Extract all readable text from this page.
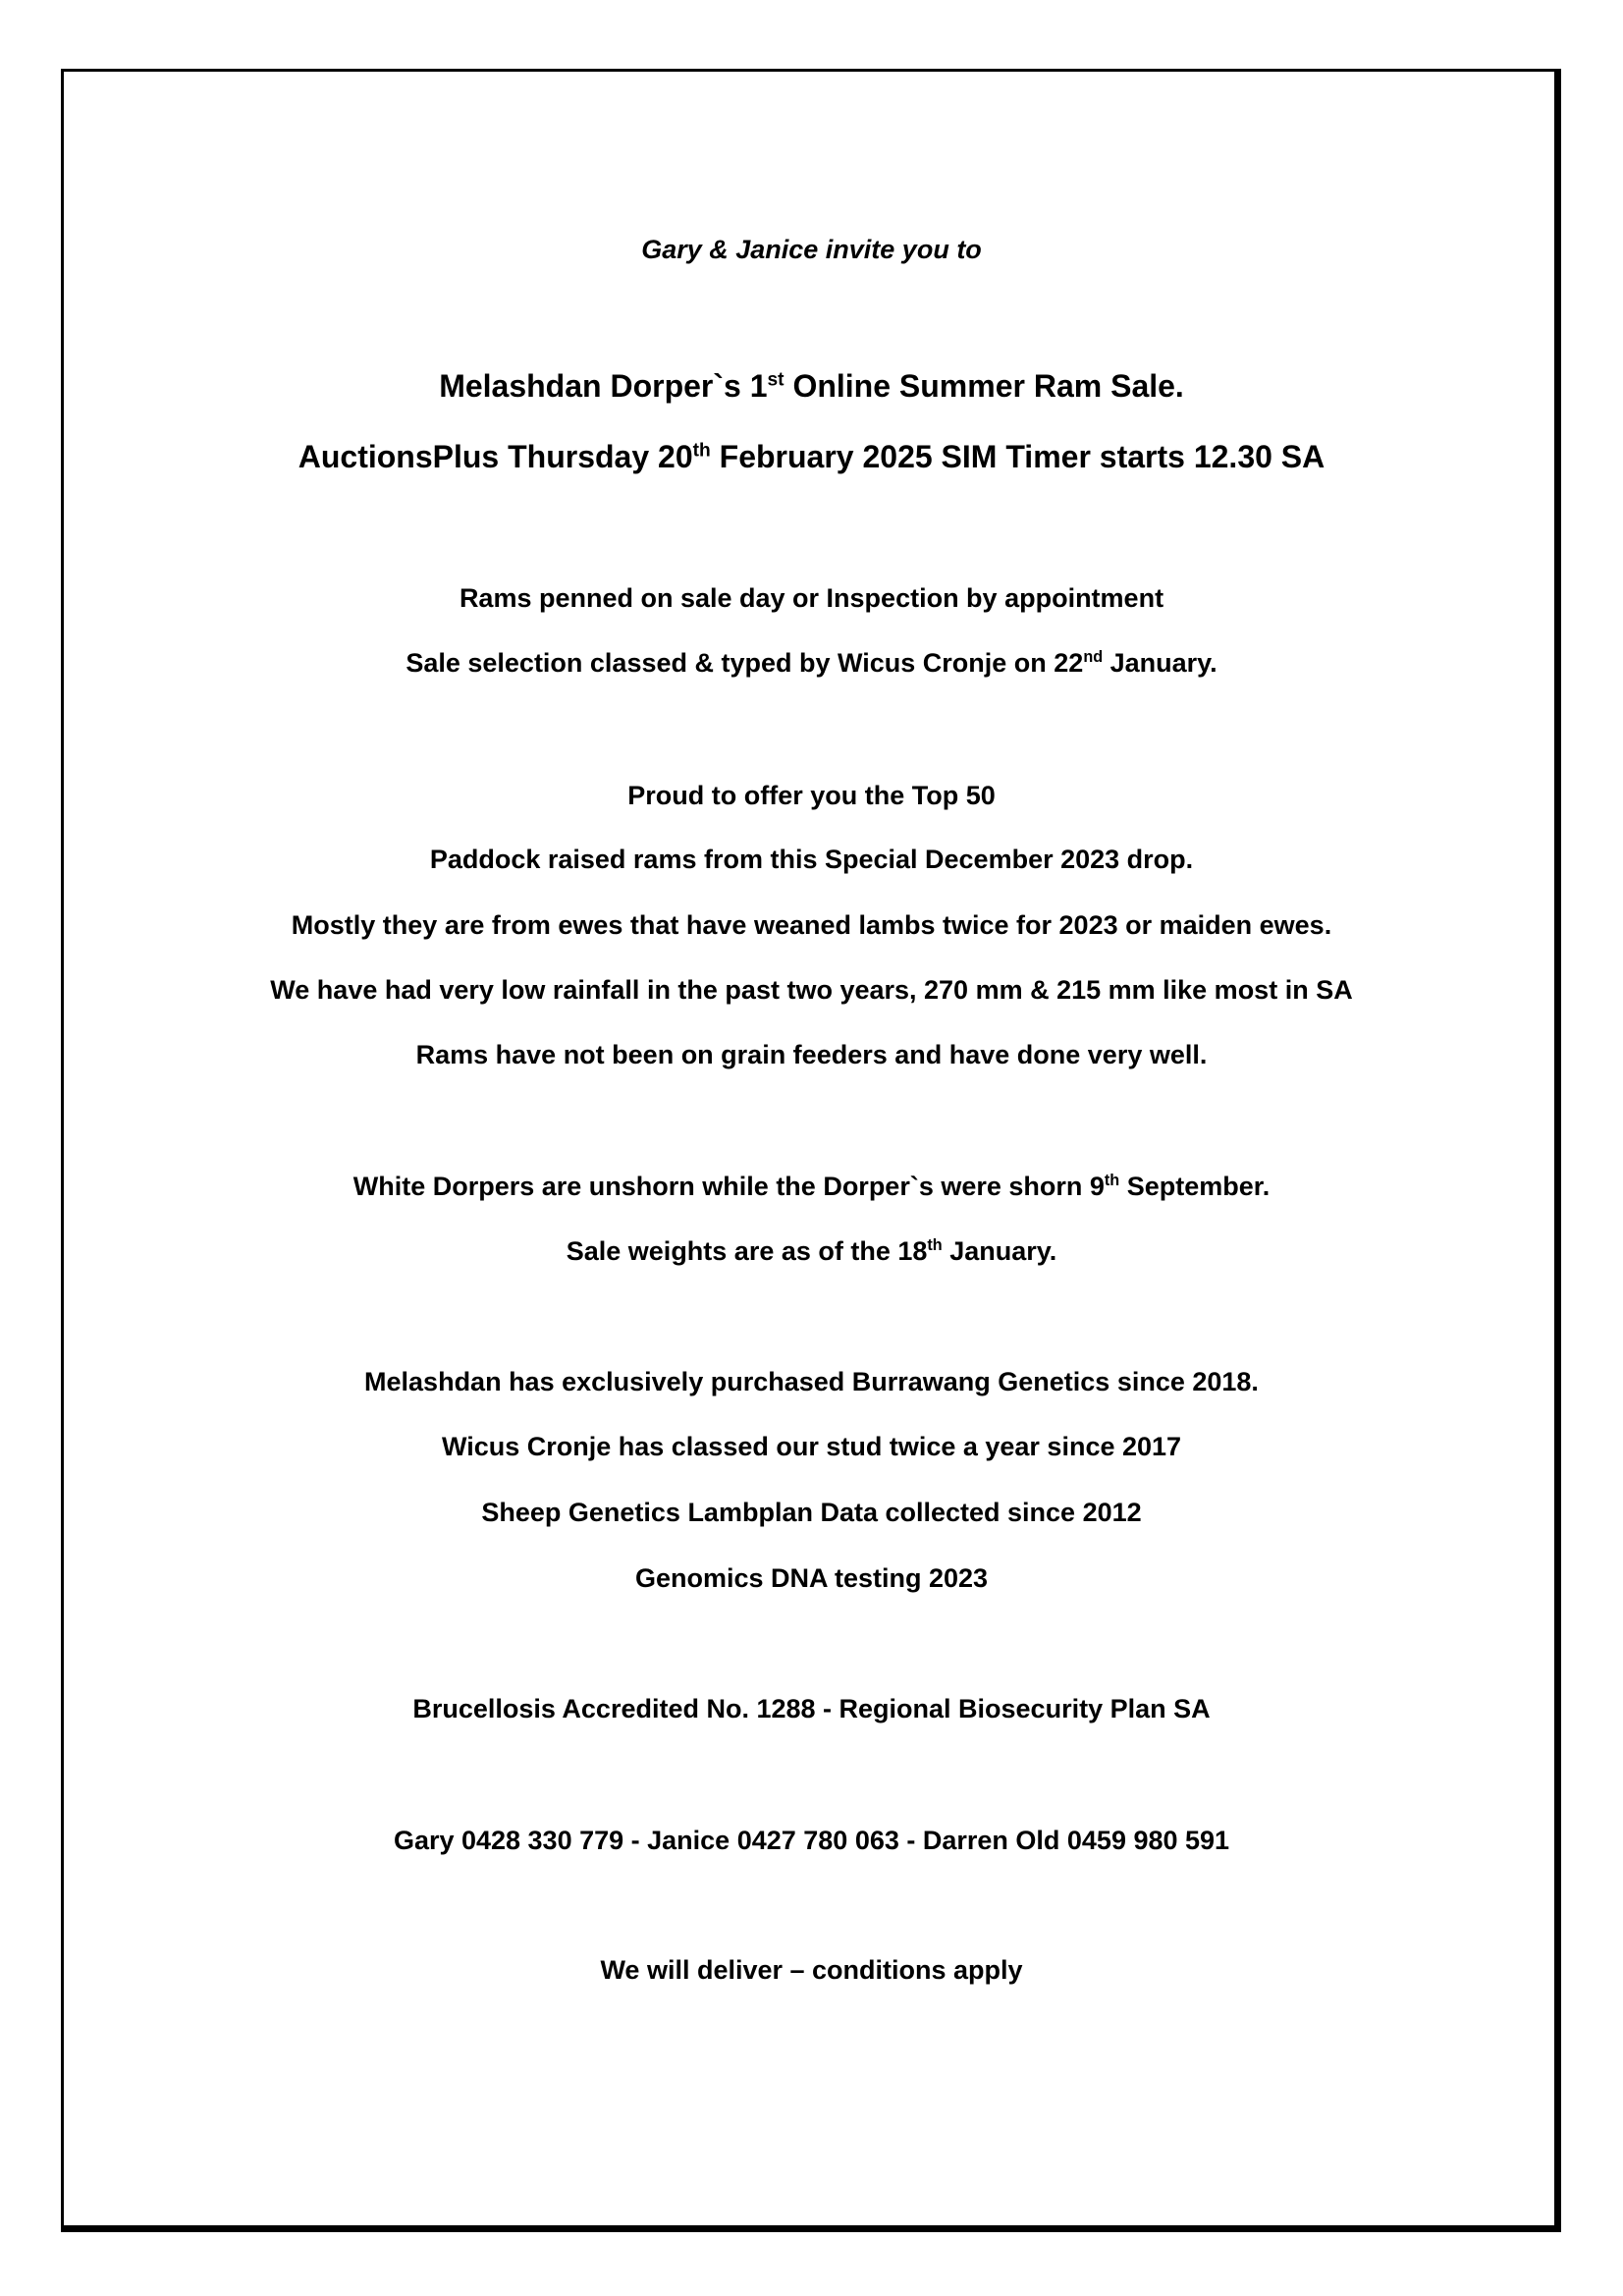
Gary & Janice invite you to
Melashdan Dorper`s 1st Online Summer Ram Sale.
AuctionsPlus Thursday 20th February 2025 SIM Timer starts 12.30 SA
Rams penned on sale day or Inspection by appointment
Sale selection classed & typed by Wicus Cronje on 22nd January.
Proud to offer you the Top 50
Paddock raised rams from this Special December 2023 drop.
Mostly they are from ewes that have weaned lambs twice for 2023 or maiden ewes.
We have had very low rainfall in the past two years, 270 mm & 215 mm like most in SA
Rams have not been on grain feeders and have done very well.
White Dorpers are unshorn while the Dorper`s were shorn 9th September.
Sale weights are as of the 18th January.
Melashdan has exclusively purchased Burrawang Genetics since 2018.
Wicus Cronje has classed our stud twice a year since 2017
Sheep Genetics Lambplan Data collected since 2012
Genomics DNA testing 2023
Brucellosis Accredited No. 1288 - Regional Biosecurity Plan SA
Gary 0428 330 779 - Janice 0427 780 063 - Darren Old 0459 980 591
We will deliver – conditions apply
